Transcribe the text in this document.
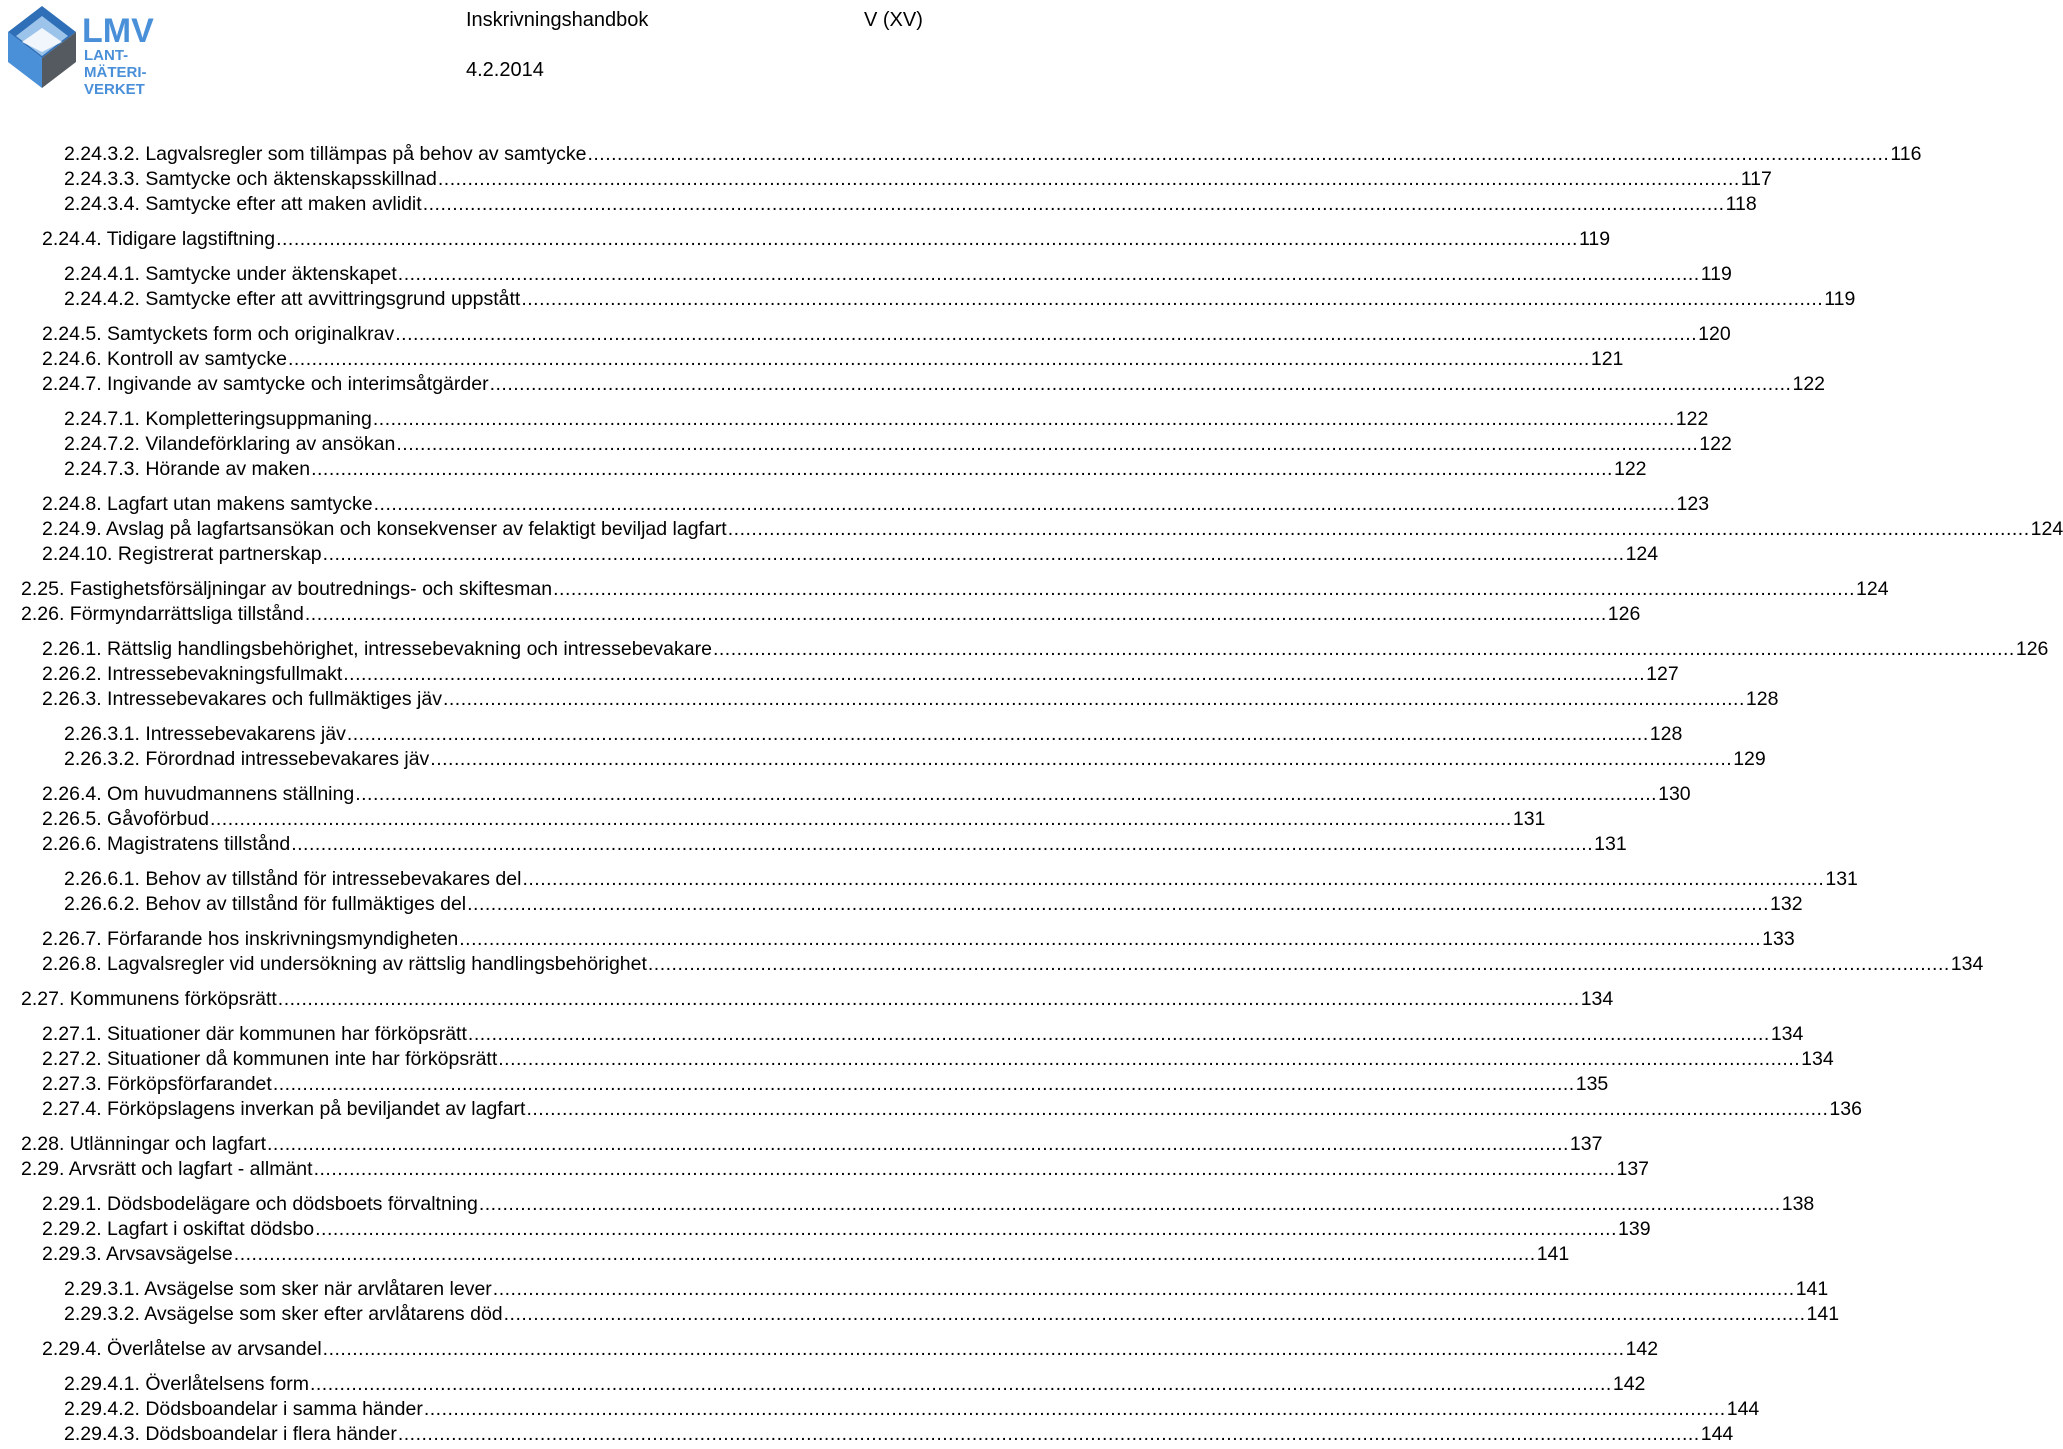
LMV
LANT-
MÄTERI-
VERKET
Inskrivningshandbok	V (XV)
4.2.2014
2.24.3.2. Lagvalsregler som tillämpas på behov av samtycke ............................................................................................................................................................................................................................ 116
2.24.3.3. Samtycke och äktenskapsskillnad ............................................................................................................................................................................................................................ 117
2.24.3.4. Samtycke efter att maken avlidit ............................................................................................................................................................................................................................ 118
2.24.4. Tidigare lagstiftning ............................................................................................................................................................................................................................ 119
2.24.4.1. Samtycke under äktenskapet ............................................................................................................................................................................................................................ 119
2.24.4.2. Samtycke efter att avvittringsgrund uppstått ............................................................................................................................................................................................................................ 119
2.24.5. Samtyckets form och originalkrav ............................................................................................................................................................................................................................ 120
2.24.6. Kontroll av samtycke ............................................................................................................................................................................................................................ 121
2.24.7. Ingivande av samtycke och interimsåtgärder ............................................................................................................................................................................................................................ 122
2.24.7.1. Kompletteringsuppmaning ............................................................................................................................................................................................................................ 122
2.24.7.2. Vilandeförklaring av ansökan ............................................................................................................................................................................................................................ 122
2.24.7.3. Hörande av maken ............................................................................................................................................................................................................................ 122
2.24.8. Lagfart utan makens samtycke ............................................................................................................................................................................................................................ 123
2.24.9. Avslag på lagfartsansökan och konsekvenser av felaktigt beviljad lagfart ............................................................................................................................................................................................................................ 124
2.24.10. Registrerat partnerskap ............................................................................................................................................................................................................................ 124
2.25. Fastighetsförsäljningar av boutrednings- och skiftesman ............................................................................................................................................................................................................................ 124
2.26. Förmyndarrättsliga tillstånd ............................................................................................................................................................................................................................ 126
2.26.1. Rättslig handlingsbehörighet, intressebevakning och intressebevakare ............................................................................................................................................................................................................................ 126
2.26.2. Intressebevakningsfullmakt ............................................................................................................................................................................................................................ 127
2.26.3. Intressebevakares och fullmäktiges jäv ............................................................................................................................................................................................................................ 128
2.26.3.1. Intressebevakarens jäv ............................................................................................................................................................................................................................ 128
2.26.3.2. Förordnad intressebevakares jäv ............................................................................................................................................................................................................................ 129
2.26.4. Om huvudmannens ställning ............................................................................................................................................................................................................................ 130
2.26.5. Gåvoförbud ............................................................................................................................................................................................................................ 131
2.26.6. Magistratens tillstånd ............................................................................................................................................................................................................................ 131
2.26.6.1. Behov av tillstånd för intressebevakares del ............................................................................................................................................................................................................................ 131
2.26.6.2. Behov av tillstånd för fullmäktiges del ............................................................................................................................................................................................................................ 132
2.26.7. Förfarande hos inskrivningsmyndigheten ............................................................................................................................................................................................................................ 133
2.26.8. Lagvalsregler vid undersökning av rättslig handlingsbehörighet ............................................................................................................................................................................................................................ 134
2.27. Kommunens förköpsrätt ............................................................................................................................................................................................................................ 134
2.27.1. Situationer där kommunen har förköpsrätt ............................................................................................................................................................................................................................ 134
2.27.2. Situationer då kommunen inte har förköpsrätt ............................................................................................................................................................................................................................ 134
2.27.3. Förköpsförfarandet ............................................................................................................................................................................................................................ 135
2.27.4. Förköpslagens inverkan på beviljandet av lagfart ............................................................................................................................................................................................................................ 136
2.28. Utlänningar och lagfart ............................................................................................................................................................................................................................ 137
2.29. Arvsrätt och lagfart - allmänt ............................................................................................................................................................................................................................ 137
2.29.1. Dödsbodelägare och dödsboets förvaltning ............................................................................................................................................................................................................................ 138
2.29.2. Lagfart i oskiftat dödsbo ............................................................................................................................................................................................................................ 139
2.29.3. Arvsavsägelse ............................................................................................................................................................................................................................ 141
2.29.3.1. Avsägelse som sker när arvlåtaren lever ............................................................................................................................................................................................................................ 141
2.29.3.2. Avsägelse som sker efter arvlåtarens död ............................................................................................................................................................................................................................ 141
2.29.4. Överlåtelse av arvsandel ............................................................................................................................................................................................................................ 142
2.29.4.1. Överlåtelsens form ............................................................................................................................................................................................................................ 142
2.29.4.2. Dödsboandelar i samma händer ............................................................................................................................................................................................................................ 144
2.29.4.3. Dödsboandelar i flera händer ............................................................................................................................................................................................................................ 144
